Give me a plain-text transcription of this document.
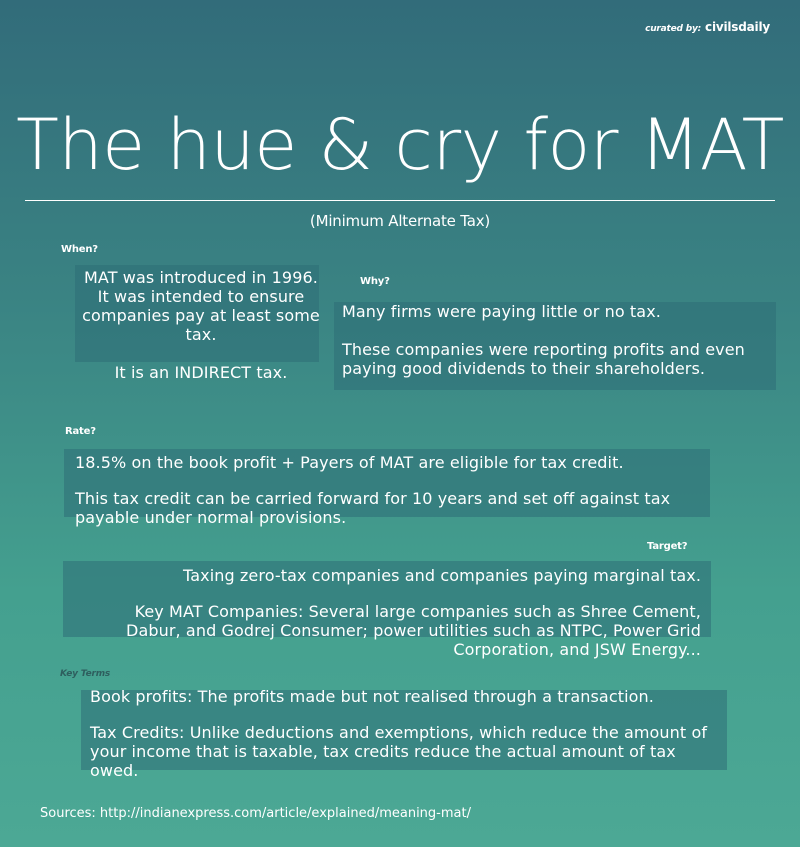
curated by: civilsdaily
The hue & cry for MAT
(Minimum Alternate Tax)
When?

MAT was introduced in 1996. It was intended to ensure companies pay at least some tax.

It is an INDIRECT tax.

Why?

Many firms were paying little or no tax.

These companies were reporting profits and even paying good dividends to their shareholders.

Rate?

18.5% on the book profit + Payers of MAT are eligible for tax credit.

This tax credit can be carried forward for 10 years and set off against tax payable under normal provisions.

Target?

Taxing zero-tax companies and companies paying marginal tax.

Key MAT Companies: Several large companies such as Shree Cement, Dabur, and Godrej Consumer; power utilities such as NTPC, Power Grid Corporation, and JSW Energy...

Key Terms

Book profits: The profits made but not realised through a transaction.

Tax Credits: Unlike deductions and exemptions, which reduce the amount of your income that is taxable, tax credits reduce the actual amount of tax owed.

Sources: http://indianexpress.com/article/explained/meaning-mat/
